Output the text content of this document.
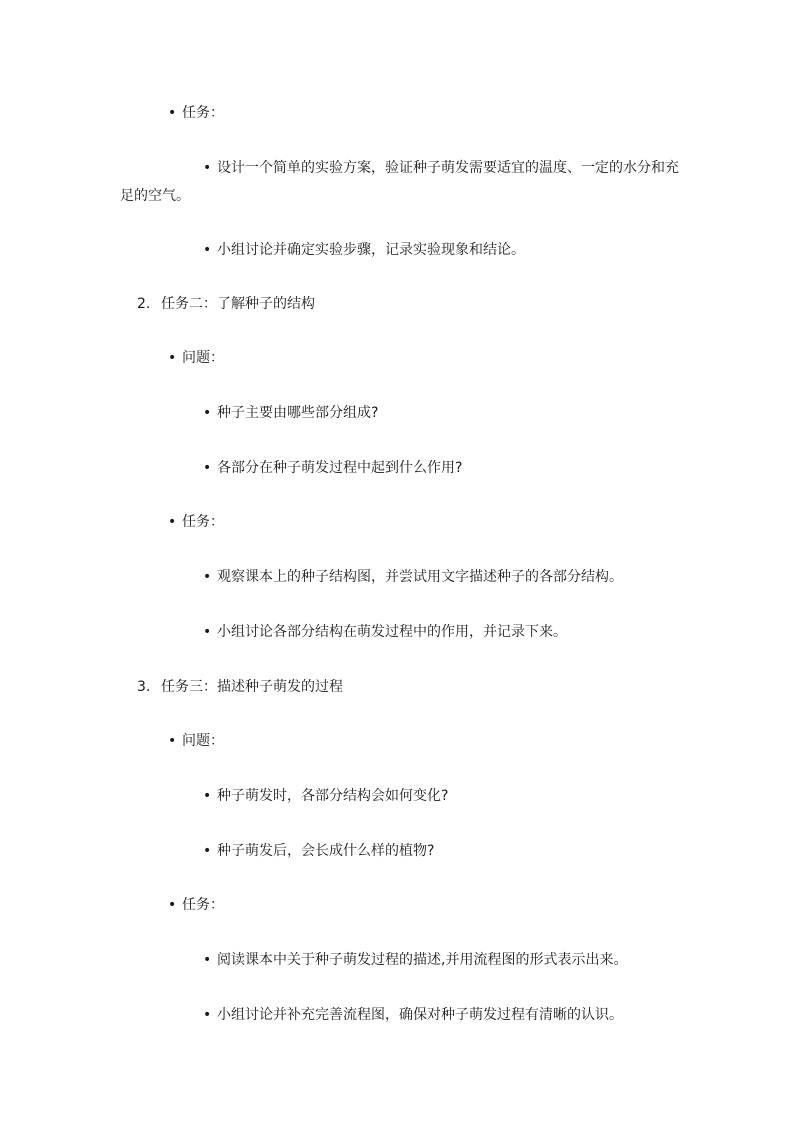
• 任务：
• 设计一个简单的实验方案，验证种子萌发需要适宜的温度、一定的水分和充足的空气。
• 小组讨论并确定实验步骤，记录实验现象和结论。
2. 任务二：了解种子的结构
• 问题：
• 种子主要由哪些部分组成?
• 各部分在种子萌发过程中起到什么作用?
• 任务：
• 观察课本上的种子结构图，并尝试用文字描述种子的各部分结构。
• 小组讨论各部分结构在萌发过程中的作用，并记录下来。
3. 任务三：描述种子萌发的过程
• 问题：
• 种子萌发时，各部分结构会如何变化?
• 种子萌发后，会长成什么样的植物?
• 任务：
• 阅读课本中关于种子萌发过程的描述,并用流程图的形式表示出来。
• 小组讨论并补充完善流程图，确保对种子萌发过程有清晰的认识。
